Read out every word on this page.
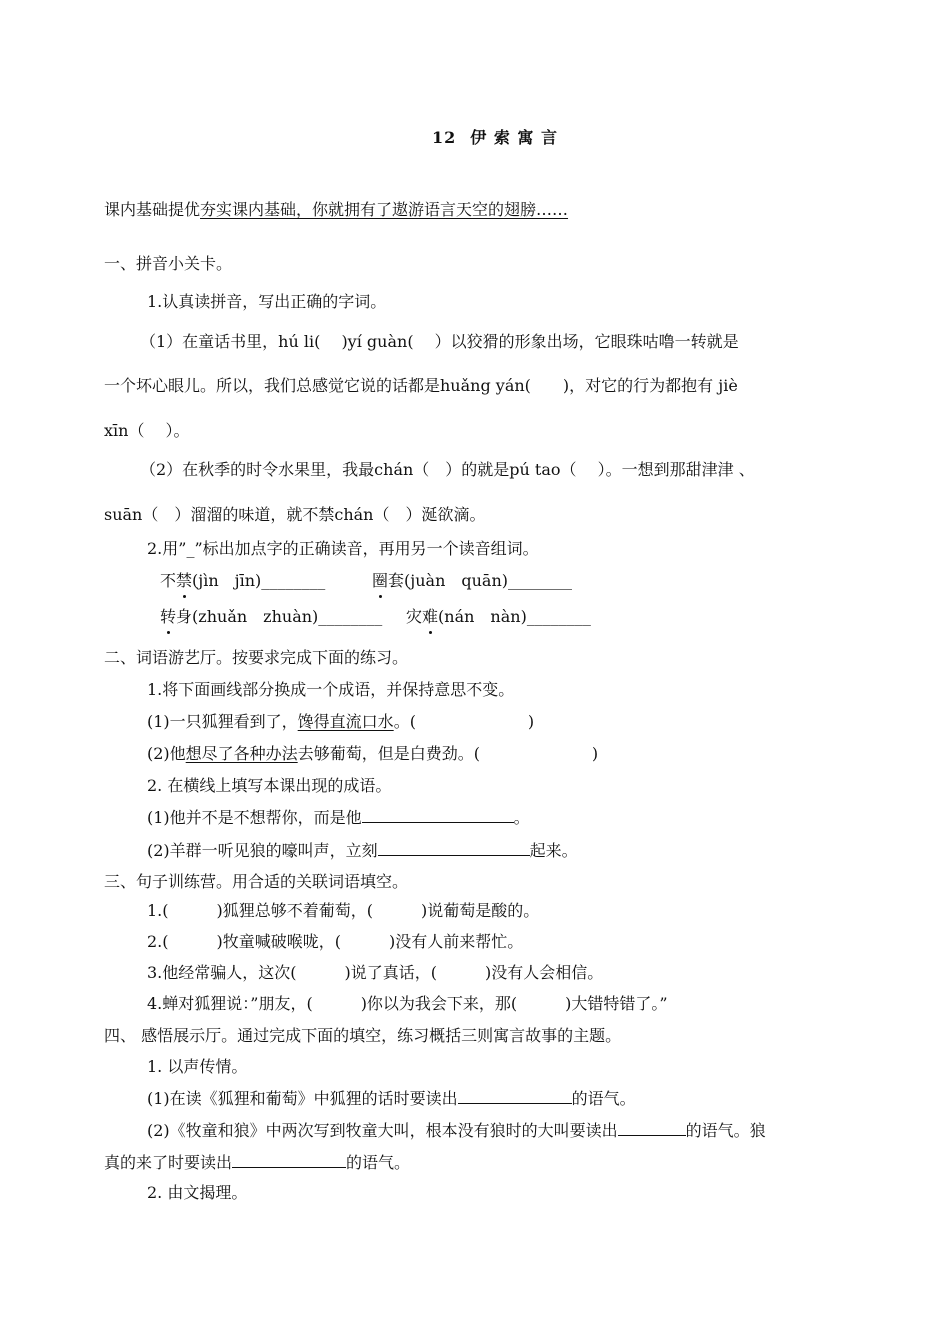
12 伊 索 寓 言
课内基础提优夯实课内基础，你就拥有了遨游语言天空的翅膀……
一、拼音小关卡。
1.认真读拼音，写出正确的字词。
（1）在童话书里，hú li(　 )yí guàn(　 ）以狡猾的形象出场，它眼珠咕噜一转就是
一个坏心眼儿。所以，我们总感觉它说的话都是huǎng yán(　　)，对它的行为都抱有 jiè
xīn（　 ）。
（2）在秋季的时令水果里，我最chán（　）的就是pú tao（　 ）。一想到那甜津津 、
suān（　）溜溜的味道，就不禁chán（　）涎欲滴。
2.用”_”标出加点字的正确读音，再用另一个读音组词。
不禁(jìn　jīn)________	圈套(juàn　quān)________
转身(zhuǎn　zhuàn)________ 灾难(nán　nàn)________
二、词语游艺厅。按要求完成下面的练习。
1.将下面画线部分换成一个成语，并保持意思不变。
(1)一只狐狸看到了，馋得直流口水。(　　　　　　　)
(2)他想尽了各种办法去够葡萄，但是白费劲。(　　　　　　　)
2. 在横线上填写本课出现的成语。
(1)他并不是不想帮你，而是他	。
(2)羊群一听见狼的嚎叫声，立刻	起来。
三、句子训练营。用合适的关联词语填空。
1.(　　　)狐狸总够不着葡萄，(　　　)说葡萄是酸的。
2.(　　　)牧童喊破喉咙，(　　　)没有人前来帮忙。
3.他经常骗人，这次(　　　)说了真话，(　　　)没有人会相信。
4.蝉对狐狸说：”朋友，(　　　)你以为我会下来，那(　　　)大错特错了。”
四、 感悟展示厅。通过完成下面的填空，练习概括三则寓言故事的主题。
1. 以声传情。
(1)在读《狐狸和葡萄》中狐狸的话时要读出	的语气。
(2)《牧童和狼》中两次写到牧童大叫，根本没有狼时的大叫要读出	的语气。狼
真的来了时要读出	的语气。
2. 由文揭理。
